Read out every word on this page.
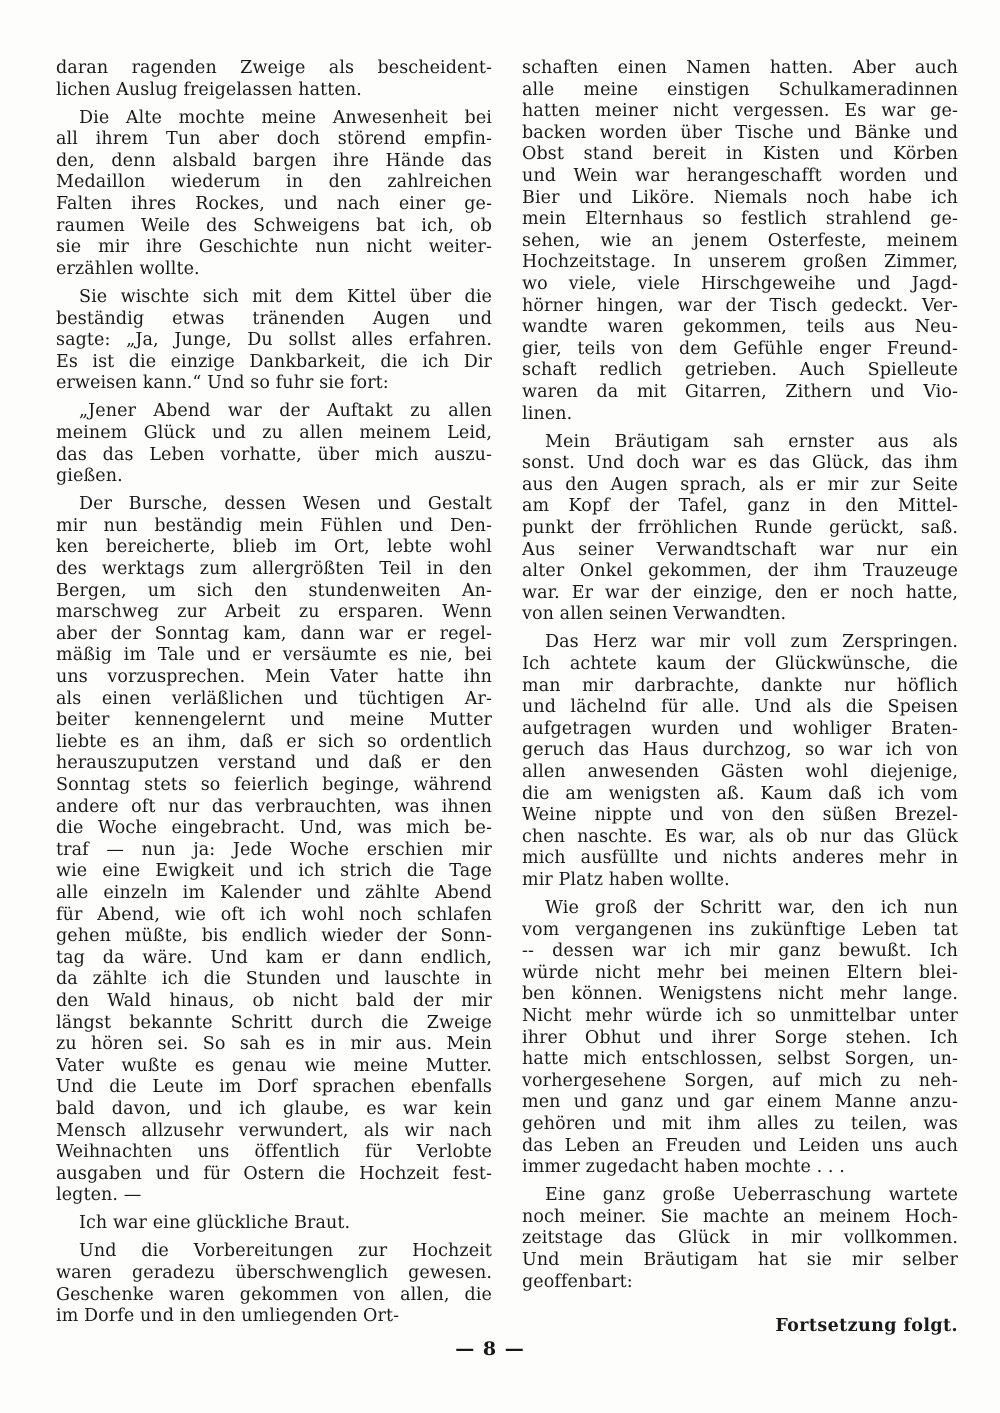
daran ragenden Zweige als bescheident-
lichen Auslug freigelassen hatten.
Die Alte mochte meine Anwesenheit bei
all ihrem Tun aber doch störend empfin-
den, denn alsbald bargen ihre Hände das
Medaillon wiederum in den zahlreichen
Falten ihres Rockes, und nach einer ge-
raumen Weile des Schweigens bat ich, ob
sie mir ihre Geschichte nun nicht weiter-
erzählen wollte.
Sie wischte sich mit dem Kittel über die
beständig etwas tränenden Augen und
sagte: „Ja, Junge, Du sollst alles erfahren.
Es ist die einzige Dankbarkeit, die ich Dir
erweisen kann.“ Und so fuhr sie fort:
„Jener Abend war der Auftakt zu allen
meinem Glück und zu allen meinem Leid,
das das Leben vorhatte, über mich auszu-
gießen.
Der Bursche, dessen Wesen und Gestalt
mir nun beständig mein Fühlen und Den-
ken bereicherte, blieb im Ort, lebte wohl
des werktags zum allergrößten Teil in den
Bergen, um sich den stundenweiten An-
marschweg zur Arbeit zu ersparen. Wenn
aber der Sonntag kam, dann war er regel-
mäßig im Tale und er versäumte es nie, bei
uns vorzusprechen. Mein Vater hatte ihn
als einen verläßlichen und tüchtigen Ar-
beiter kennengelernt und meine Mutter
liebte es an ihm, daß er sich so ordentlich
herauszuputzen verstand und daß er den
Sonntag stets so feierlich beginge, während
andere oft nur das verbrauchten, was ihnen
die Woche eingebracht. Und, was mich be-
traf — nun ja: Jede Woche erschien mir
wie eine Ewigkeit und ich strich die Tage
alle einzeln im Kalender und zählte Abend
für Abend, wie oft ich wohl noch schlafen
gehen müßte, bis endlich wieder der Sonn-
tag da wäre. Und kam er dann endlich,
da zählte ich die Stunden und lauschte in
den Wald hinaus, ob nicht bald der mir
längst bekannte Schritt durch die Zweige
zu hören sei. So sah es in mir aus. Mein
Vater wußte es genau wie meine Mutter.
Und die Leute im Dorf sprachen ebenfalls
bald davon, und ich glaube, es war kein
Mensch allzusehr verwundert, als wir nach
Weihnachten uns öffentlich für Verlobte
ausgaben und für Ostern die Hochzeit fest-
legten. —
Ich war eine glückliche Braut.
Und die Vorbereitungen zur Hochzeit
waren geradezu überschwenglich gewesen.
Geschenke waren gekommen von allen, die
im Dorfe und in den umliegenden Ort-
schaften einen Namen hatten. Aber auch
alle meine einstigen Schulkameradinnen
hatten meiner nicht vergessen. Es war ge-
backen worden über Tische und Bänke und
Obst stand bereit in Kisten und Körben
und Wein war herangeschafft worden und
Bier und Liköre. Niemals noch habe ich
mein Elternhaus so festlich strahlend ge-
sehen, wie an jenem Osterfeste, meinem
Hochzeitstage. In unserem großen Zimmer,
wo viele, viele Hirschgeweihe und Jagd-
hörner hingen, war der Tisch gedeckt. Ver-
wandte waren gekommen, teils aus Neu-
gier, teils von dem Gefühle enger Freund-
schaft redlich getrieben. Auch Spielleute
waren da mit Gitarren, Zithern und Vio-
linen.
Mein Bräutigam sah ernster aus als
sonst. Und doch war es das Glück, das ihm
aus den Augen sprach, als er mir zur Seite
am Kopf der Tafel, ganz in den Mittel-
punkt der frröhlichen Runde gerückt, saß.
Aus seiner Verwandtschaft war nur ein
alter Onkel gekommen, der ihm Trauzeuge
war. Er war der einzige, den er noch hatte,
von allen seinen Verwandten.
Das Herz war mir voll zum Zerspringen.
Ich achtete kaum der Glückwünsche, die
man mir darbrachte, dankte nur höflich
und lächelnd für alle. Und als die Speisen
aufgetragen wurden und wohliger Braten-
geruch das Haus durchzog, so war ich von
allen anwesenden Gästen wohl diejenige,
die am wenigsten aß. Kaum daß ich vom
Weine nippte und von den süßen Brezel-
chen naschte. Es war, als ob nur das Glück
mich ausfüllte und nichts anderes mehr in
mir Platz haben wollte.
Wie groß der Schritt war, den ich nun
vom vergangenen ins zukünftige Leben tat
-- dessen war ich mir ganz bewußt. Ich
würde nicht mehr bei meinen Eltern blei-
ben können. Wenigstens nicht mehr lange.
Nicht mehr würde ich so unmittelbar unter
ihrer Obhut und ihrer Sorge stehen. Ich
hatte mich entschlossen, selbst Sorgen, un-
vorhergesehene Sorgen, auf mich zu neh-
men und ganz und gar einem Manne anzu-
gehören und mit ihm alles zu teilen, was
das Leben an Freuden und Leiden uns auch
immer zugedacht haben mochte . . .
Eine ganz große Ueberraschung wartete
noch meiner. Sie machte an meinem Hoch-
zeitstage das Glück in mir vollkommen.
Und mein Bräutigam hat sie mir selber
geoffenbart:
Fortsetzung folgt.
— 8 —
